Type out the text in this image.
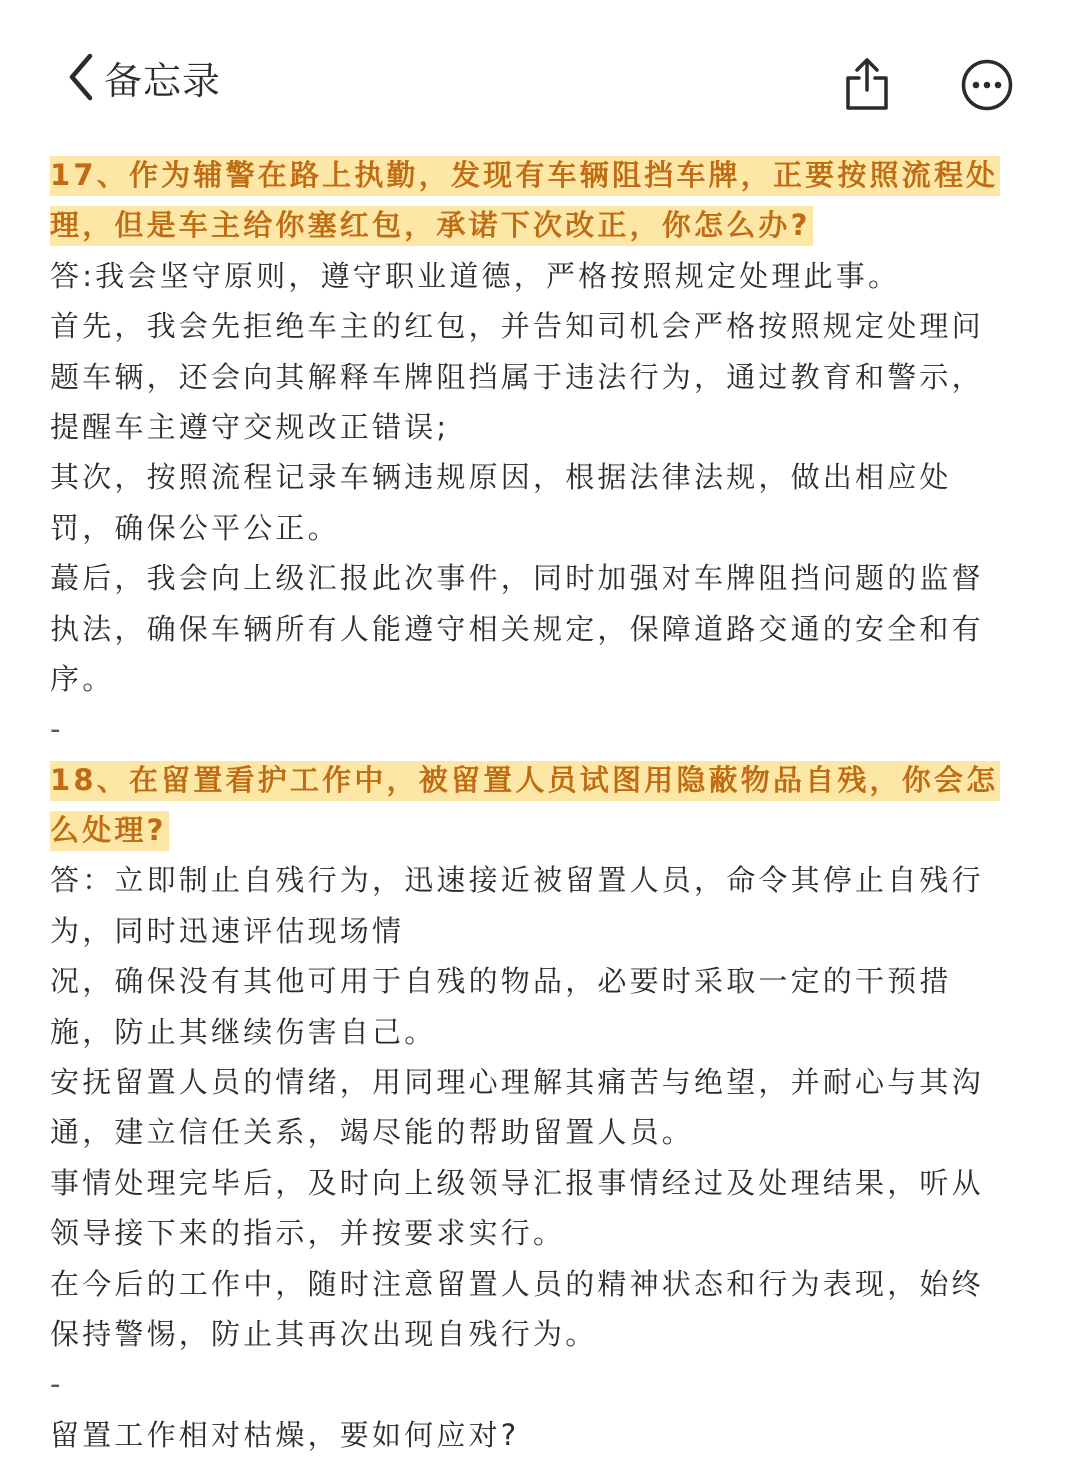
备忘录
17、作为辅警在路上执勤，发现有车辆阻挡车牌，正要按照流程处
理，但是车主给你塞红包，承诺下次改正，你怎么办?
答:我会坚守原则，遵守职业道德，严格按照规定处理此事。
首先，我会先拒绝车主的红包，并告知司机会严格按照规定处理问
题车辆，还会向其解释车牌阻挡属于违法行为，通过教育和警示，
提醒车主遵守交规改正错误;
其次，按照流程记录车辆违规原因，根据法律法规，做出相应处
罚，确保公平公正。
蕞后，我会向上级汇报此次事件，同时加强对车牌阻挡问题的监督
执法，确保车辆所有人能遵守相关规定，保障道路交通的安全和有
序。
-
18、在留置看护工作中，被留置人员试图用隐蔽物品自残，你会怎
么处理?
答：立即制止自残行为，迅速接近被留置人员，命令其停止自残行
为，同时迅速评估现场情
况，确保没有其他可用于自残的物品，必要时采取一定的干预措
施，防止其继续伤害自己。
安抚留置人员的情绪，用同理心理解其痛苦与绝望，并耐心与其沟
通，建立信任关系，竭尽能的帮助留置人员。
事情处理完毕后，及时向上级领导汇报事情经过及处理结果，听从
领导接下来的指示，并按要求实行。
在今后的工作中，随时注意留置人员的精神状态和行为表现，始终
保持警惕，防止其再次出现自残行为。
-
留置工作相对枯燥，要如何应对?
